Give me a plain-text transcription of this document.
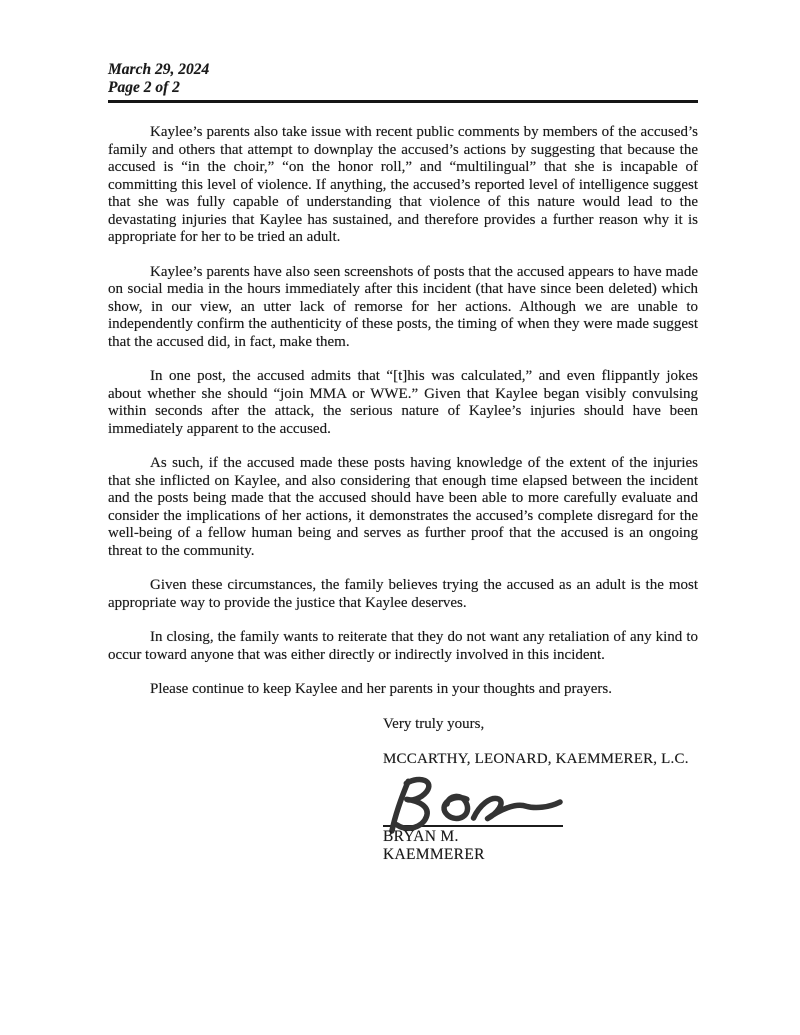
March 29, 2024
Page 2 of 2

Kaylee’s parents also take issue with recent public comments by members of the accused’s family and others that attempt to downplay the accused’s actions by suggesting that because the accused is “in the choir,” “on the honor roll,” and “multilingual” that she is incapable of committing this level of violence. If anything, the accused’s reported level of intelligence suggest that she was fully capable of understanding that violence of this nature would lead to the devastating injuries that Kaylee has sustained, and therefore provides a further reason why it is appropriate for her to be tried an adult.

Kaylee’s parents have also seen screenshots of posts that the accused appears to have made on social media in the hours immediately after this incident (that have since been deleted) which show, in our view, an utter lack of remorse for her actions. Although we are unable to independently confirm the authenticity of these posts, the timing of when they were made suggest that the accused did, in fact, make them.

In one post, the accused admits that “[t]his was calculated,” and even flippantly jokes about whether she should “join MMA or WWE.” Given that Kaylee began visibly convulsing within seconds after the attack, the serious nature of Kaylee’s injuries should have been immediately apparent to the accused.

As such, if the accused made these posts having knowledge of the extent of the injuries that she inflicted on Kaylee, and also considering that enough time elapsed between the incident and the posts being made that the accused should have been able to more carefully evaluate and consider the implications of her actions, it demonstrates the accused’s complete disregard for the well-being of a fellow human being and serves as further proof that the accused is an ongoing threat to the community.

Given these circumstances, the family believes trying the accused as an adult is the most appropriate way to provide the justice that Kaylee deserves.

In closing, the family wants to reiterate that they do not want any retaliation of any kind to occur toward anyone that was either directly or indirectly involved in this incident.

Please continue to keep Kaylee and her parents in your thoughts and prayers.

Very truly yours,
MCCARTHY, LEONARD, KAEMMERER, L.C.
BRYAN M. KAEMMERER
